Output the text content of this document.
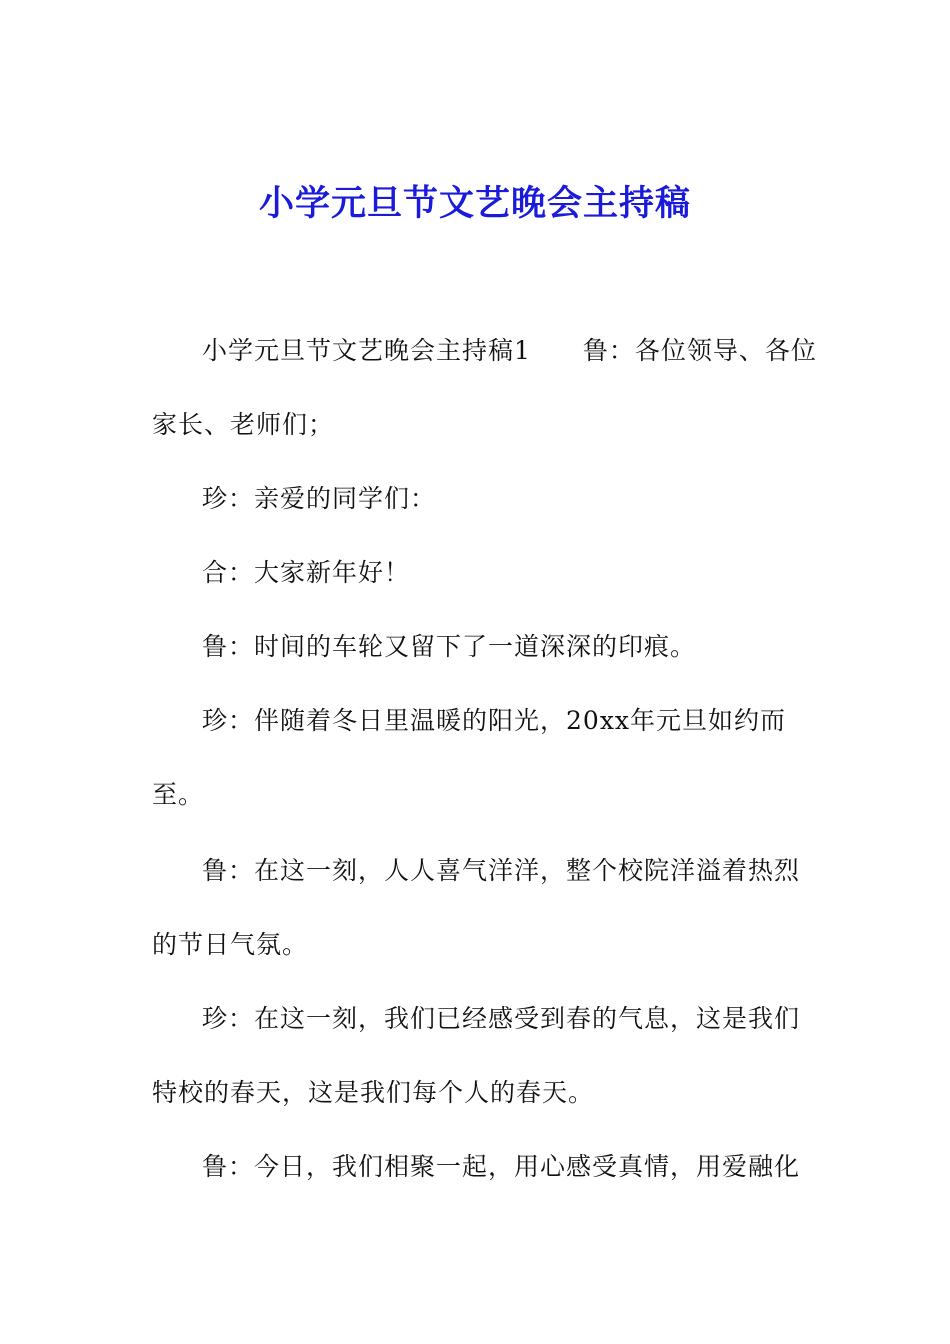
小学元旦节文艺晚会主持稿
小学元旦节文艺晚会主持稿1　　鲁：各位领导、各位
家长、老师们；
珍：亲爱的同学们：
合：大家新年好！
鲁：时间的车轮又留下了一道深深的印痕。
珍：伴随着冬日里温暖的阳光，20xx年元旦如约而
至。
鲁：在这一刻，人人喜气洋洋，整个校院洋溢着热烈
的节日气氛。
珍：在这一刻，我们已经感受到春的气息，这是我们
特校的春天，这是我们每个人的春天。
鲁：今日，我们相聚一起，用心感受真情，用爱融化
